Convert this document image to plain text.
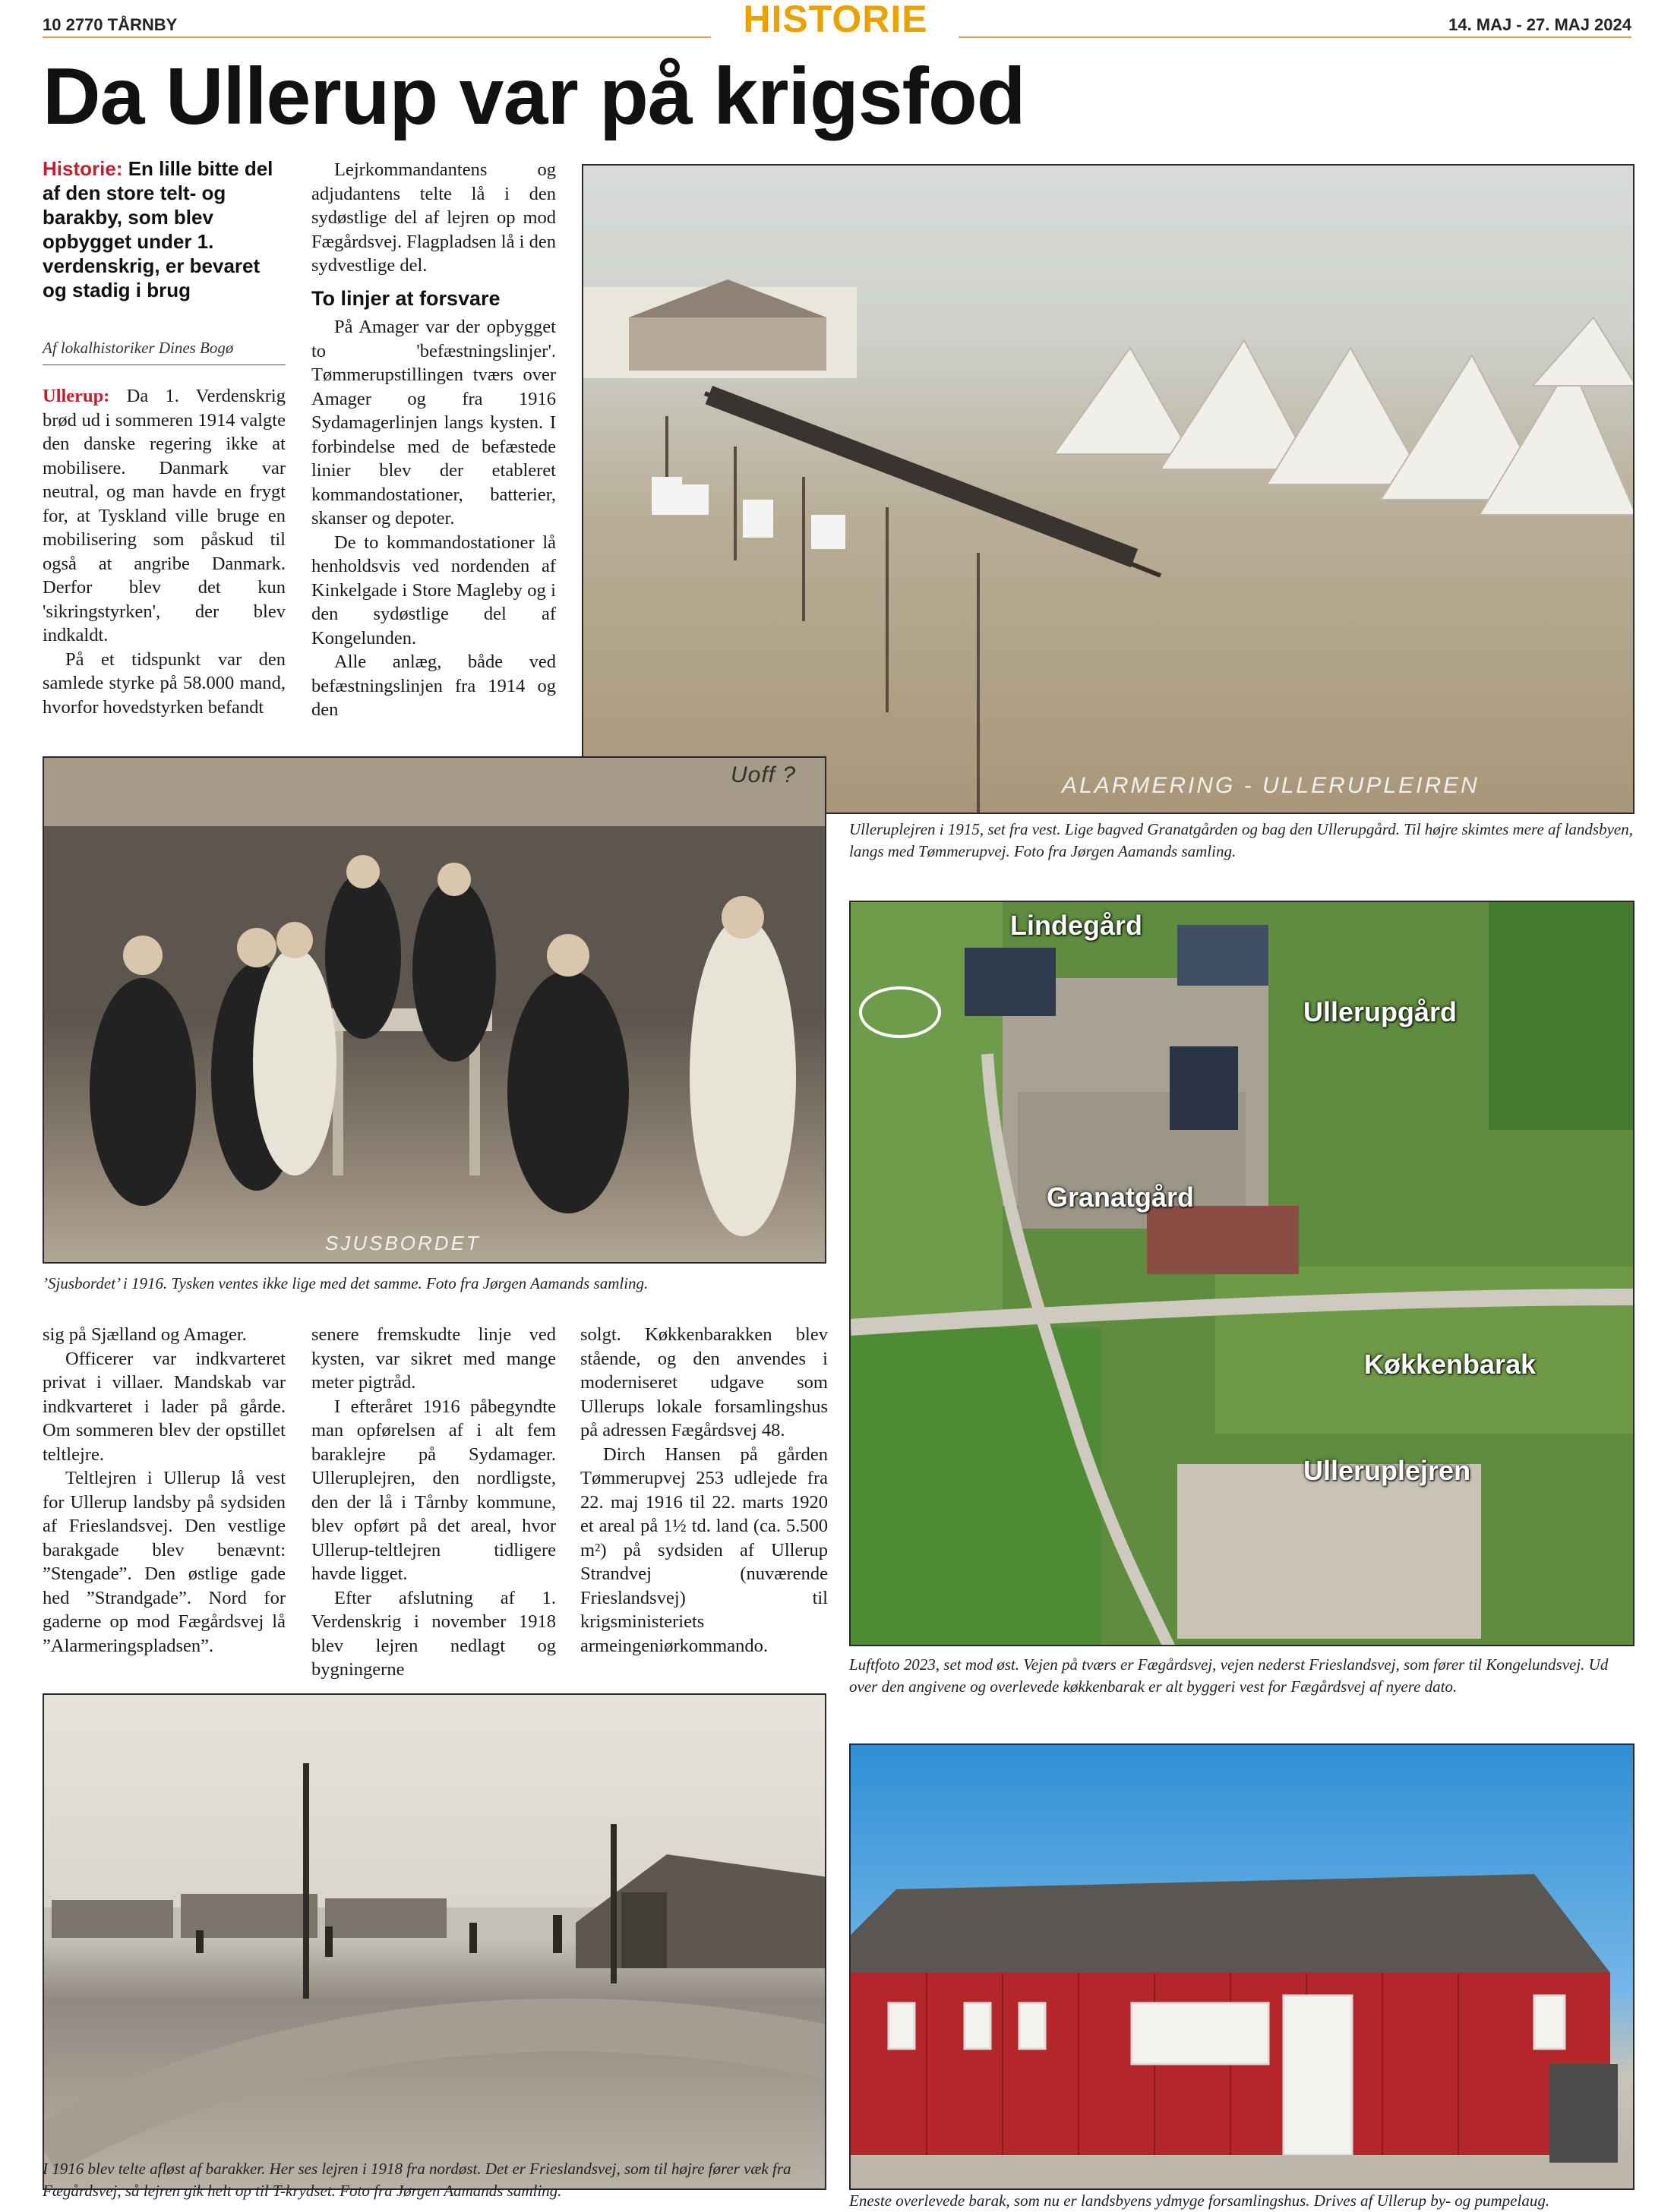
10 2770 TÅRNBY	HISTORIE	14. MAJ - 27. MAJ 2024
Da Ullerup var på krigsfod
Historie: En lille bitte del af den store telt- og barakby, som blev opbygget under 1. verdenskrig, er bevaret og stadig i brug
Af lokalhistoriker Dines Bogø

Ullerup: Da 1. Verdenskrig brød ud i sommeren 1914 valgte den danske regering ikke at mobilisere. Danmark var neutral, og man havde en frygt for, at Tyskland ville bruge en mobilisering som påskud til også at angribe Danmark. Derfor blev det kun 'sikringstyrken', der blev indkaldt.

På et tidspunkt var den samlede styrke på 58.000 mand, hvorfor hovedstyrken befandt

Lejrkommandantens og adjudantens telte lå i den sydøstlige del af lejren op mod Fægårdsvej. Flagpladsen lå i den sydvestlige del.

To linjer at forsvare

På Amager var der opbygget to 'befæstningslinjer'. Tømmerupstillingen tværs over Amager og fra 1916 Sydamagerlinjen langs kysten. I forbindelse med de befæstede linier blev der etableret kommandostationer, batterier, skanser og depoter.

De to kommandostationer lå henholdsvis ved nordenden af Kinkelgade i Store Magleby og i den sydøstlige del af Kongelunden.

Alle anlæg, både ved befæstningslinjen fra 1914 og den

ALARMERING - ULLERUPLEIREN
Ulleruplejren i 1915, set fra vest. Lige bagved Granatgården og bag den Ullerupgård. Til højre skimtes mere af landsbyen, langs med Tømmerupvej. Foto fra Jørgen Aamands samling.
SJUSBORDET
Uoff ?
’Sjusbordet’ i 1916. Tysken ventes ikke lige med det samme. Foto fra Jørgen Aamands samling.
Lindegård
Ullerupgård
Granatgård
Køkkenbarak
Ulleruplejren
Luftfoto 2023, set mod øst. Vejen på tværs er Fægårdsvej, vejen nederst Frieslandsvej, som fører til Kongelundsvej. Ud over den angivene og overlevede køkkenbarak er alt byggeri vest for Fægårdsvej af nyere dato.

sig på Sjælland og Amager.

Officerer var indkvarteret privat i villaer. Mandskab var indkvarteret i lader på gårde. Om sommeren blev der opstillet teltlejre.

Teltlejren i Ullerup lå vest for Ullerup landsby på sydsiden af Frieslandsvej. Den vestlige barakgade blev benævnt: ”Stengade”. Den østlige gade hed ”Strandgade”. Nord for gaderne op mod Fægårdsvej lå ”Alarmeringspladsen”.

senere fremskudte linje ved kysten, var sikret med mange meter pigtråd.

I efteråret 1916 påbegyndte man opførelsen af i alt fem baraklejre på Sydamager. Ulleruplejren, den nordligste, den der lå i Tårnby kommune, blev opført på det areal, hvor Ullerup-teltlejren tidligere havde ligget.

Efter afslutning af 1. Verdenskrig i november 1918 blev lejren nedlagt og bygningerne

solgt. Køkkenbarakken blev stående, og den anvendes i moderniseret udgave som Ullerups lokale forsamlingshus på adressen Fægårdsvej 48.

Dirch Hansen på gården Tømmerupvej 253 udlejede fra 22. maj 1916 til 22. marts 1920 et areal på 1½ td. land (ca. 5.500 m²) på sydsiden af Ullerup Strandvej (nuværende Frieslandsvej) til krigsministeriets armeingeniørkommando.

I 1916 blev telte afløst af barakker. Her ses lejren i 1918 fra nordøst. Det er Frieslandsvej, som til højre fører væk fra Fægårdsvej, så lejren gik helt op til T-krydset. Foto fra Jørgen Aamands samling.
Eneste overlevede barak, som nu er landsbyens ydmyge forsamlingshus. Drives af Ullerup by- og pumpelaug.
